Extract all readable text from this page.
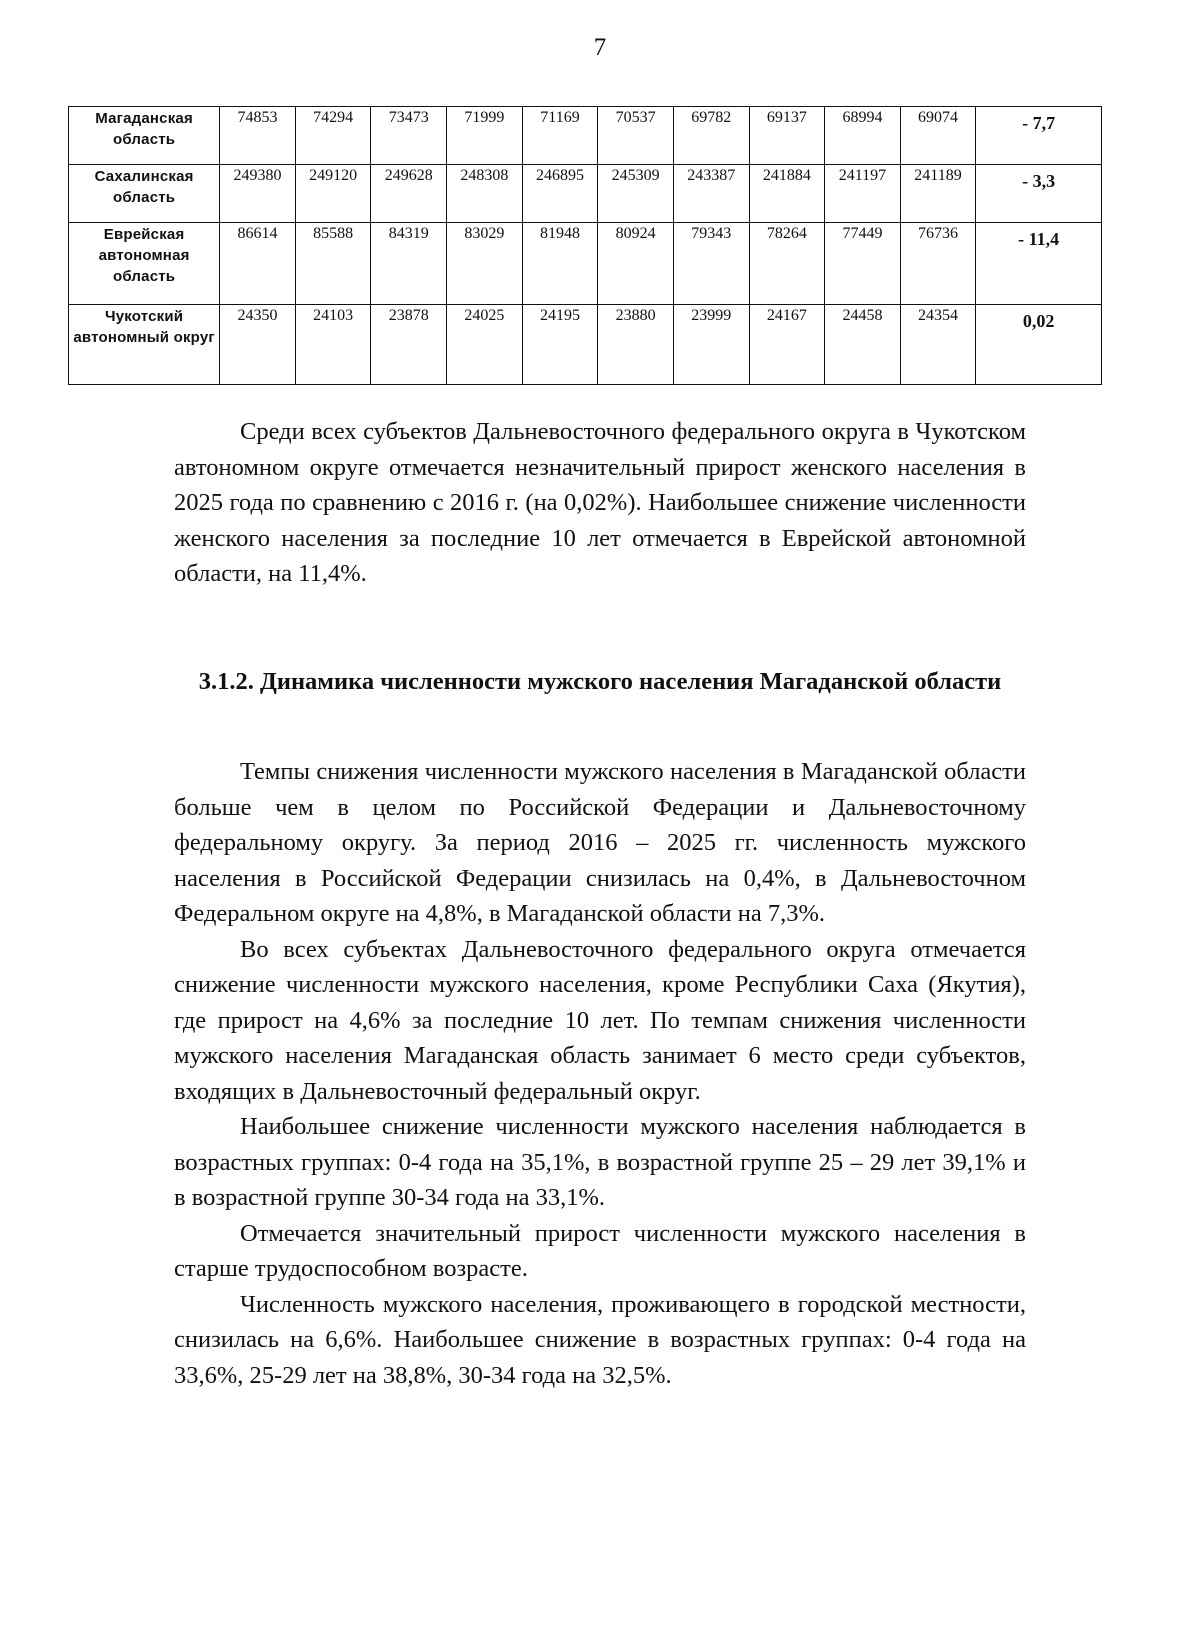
7
Магаданская область	74853	74294	73473	71999	71169	70537	69782	69137	68994	69074	- 7,7
Сахалинская область	249380	249120	249628	248308	246895	245309	243387	241884	241197	241189	- 3,3
Еврейская автономная область	86614	85588	84319	83029	81948	80924	79343	78264	77449	76736	- 11,4
Чукотский автономный округ	24350	24103	23878	24025	24195	23880	23999	24167	24458	24354	0,02

Среди всех субъектов Дальневосточного федерального округа в Чукотском автономном округе отмечается незначительный прирост женского населения в 2025 года по сравнению с 2016 г. (на 0,02%). Наибольшее снижение численности женского населения за последние 10 лет отмечается в Еврейской автономной области, на 11,4%.

3.1.2. Динамика численности мужского населения Магаданской области

Темпы снижения численности мужского населения в Магаданской области больше чем в целом по Российской Федерации и Дальневосточному федеральному округу. За период 2016 – 2025 гг. численность мужского населения в Российской Федерации снизилась на 0,4%, в Дальневосточном Федеральном округе на 4,8%, в Магаданской области на 7,3%.

Во всех субъектах Дальневосточного федерального округа отмечается снижение численности мужского населения, кроме Республики Саха (Якутия), где прирост на 4,6% за последние 10 лет. По темпам снижения численности мужского населения Магаданская область занимает 6 место среди субъектов, входящих в Дальневосточный федеральный округ.

Наибольшее снижение численности мужского населения наблюдается в возрастных группах: 0-4 года на 35,1%, в возрастной группе 25 – 29 лет 39,1% и в возрастной группе 30-34 года на 33,1%.

Отмечается значительный прирост численности мужского населения в старше трудоспособном возрасте.

Численность мужского населения, проживающего в городской местности, снизилась на 6,6%. Наибольшее снижение в возрастных группах: 0-4 года на 33,6%, 25-29 лет на 38,8%, 30-34 года на 32,5%.
